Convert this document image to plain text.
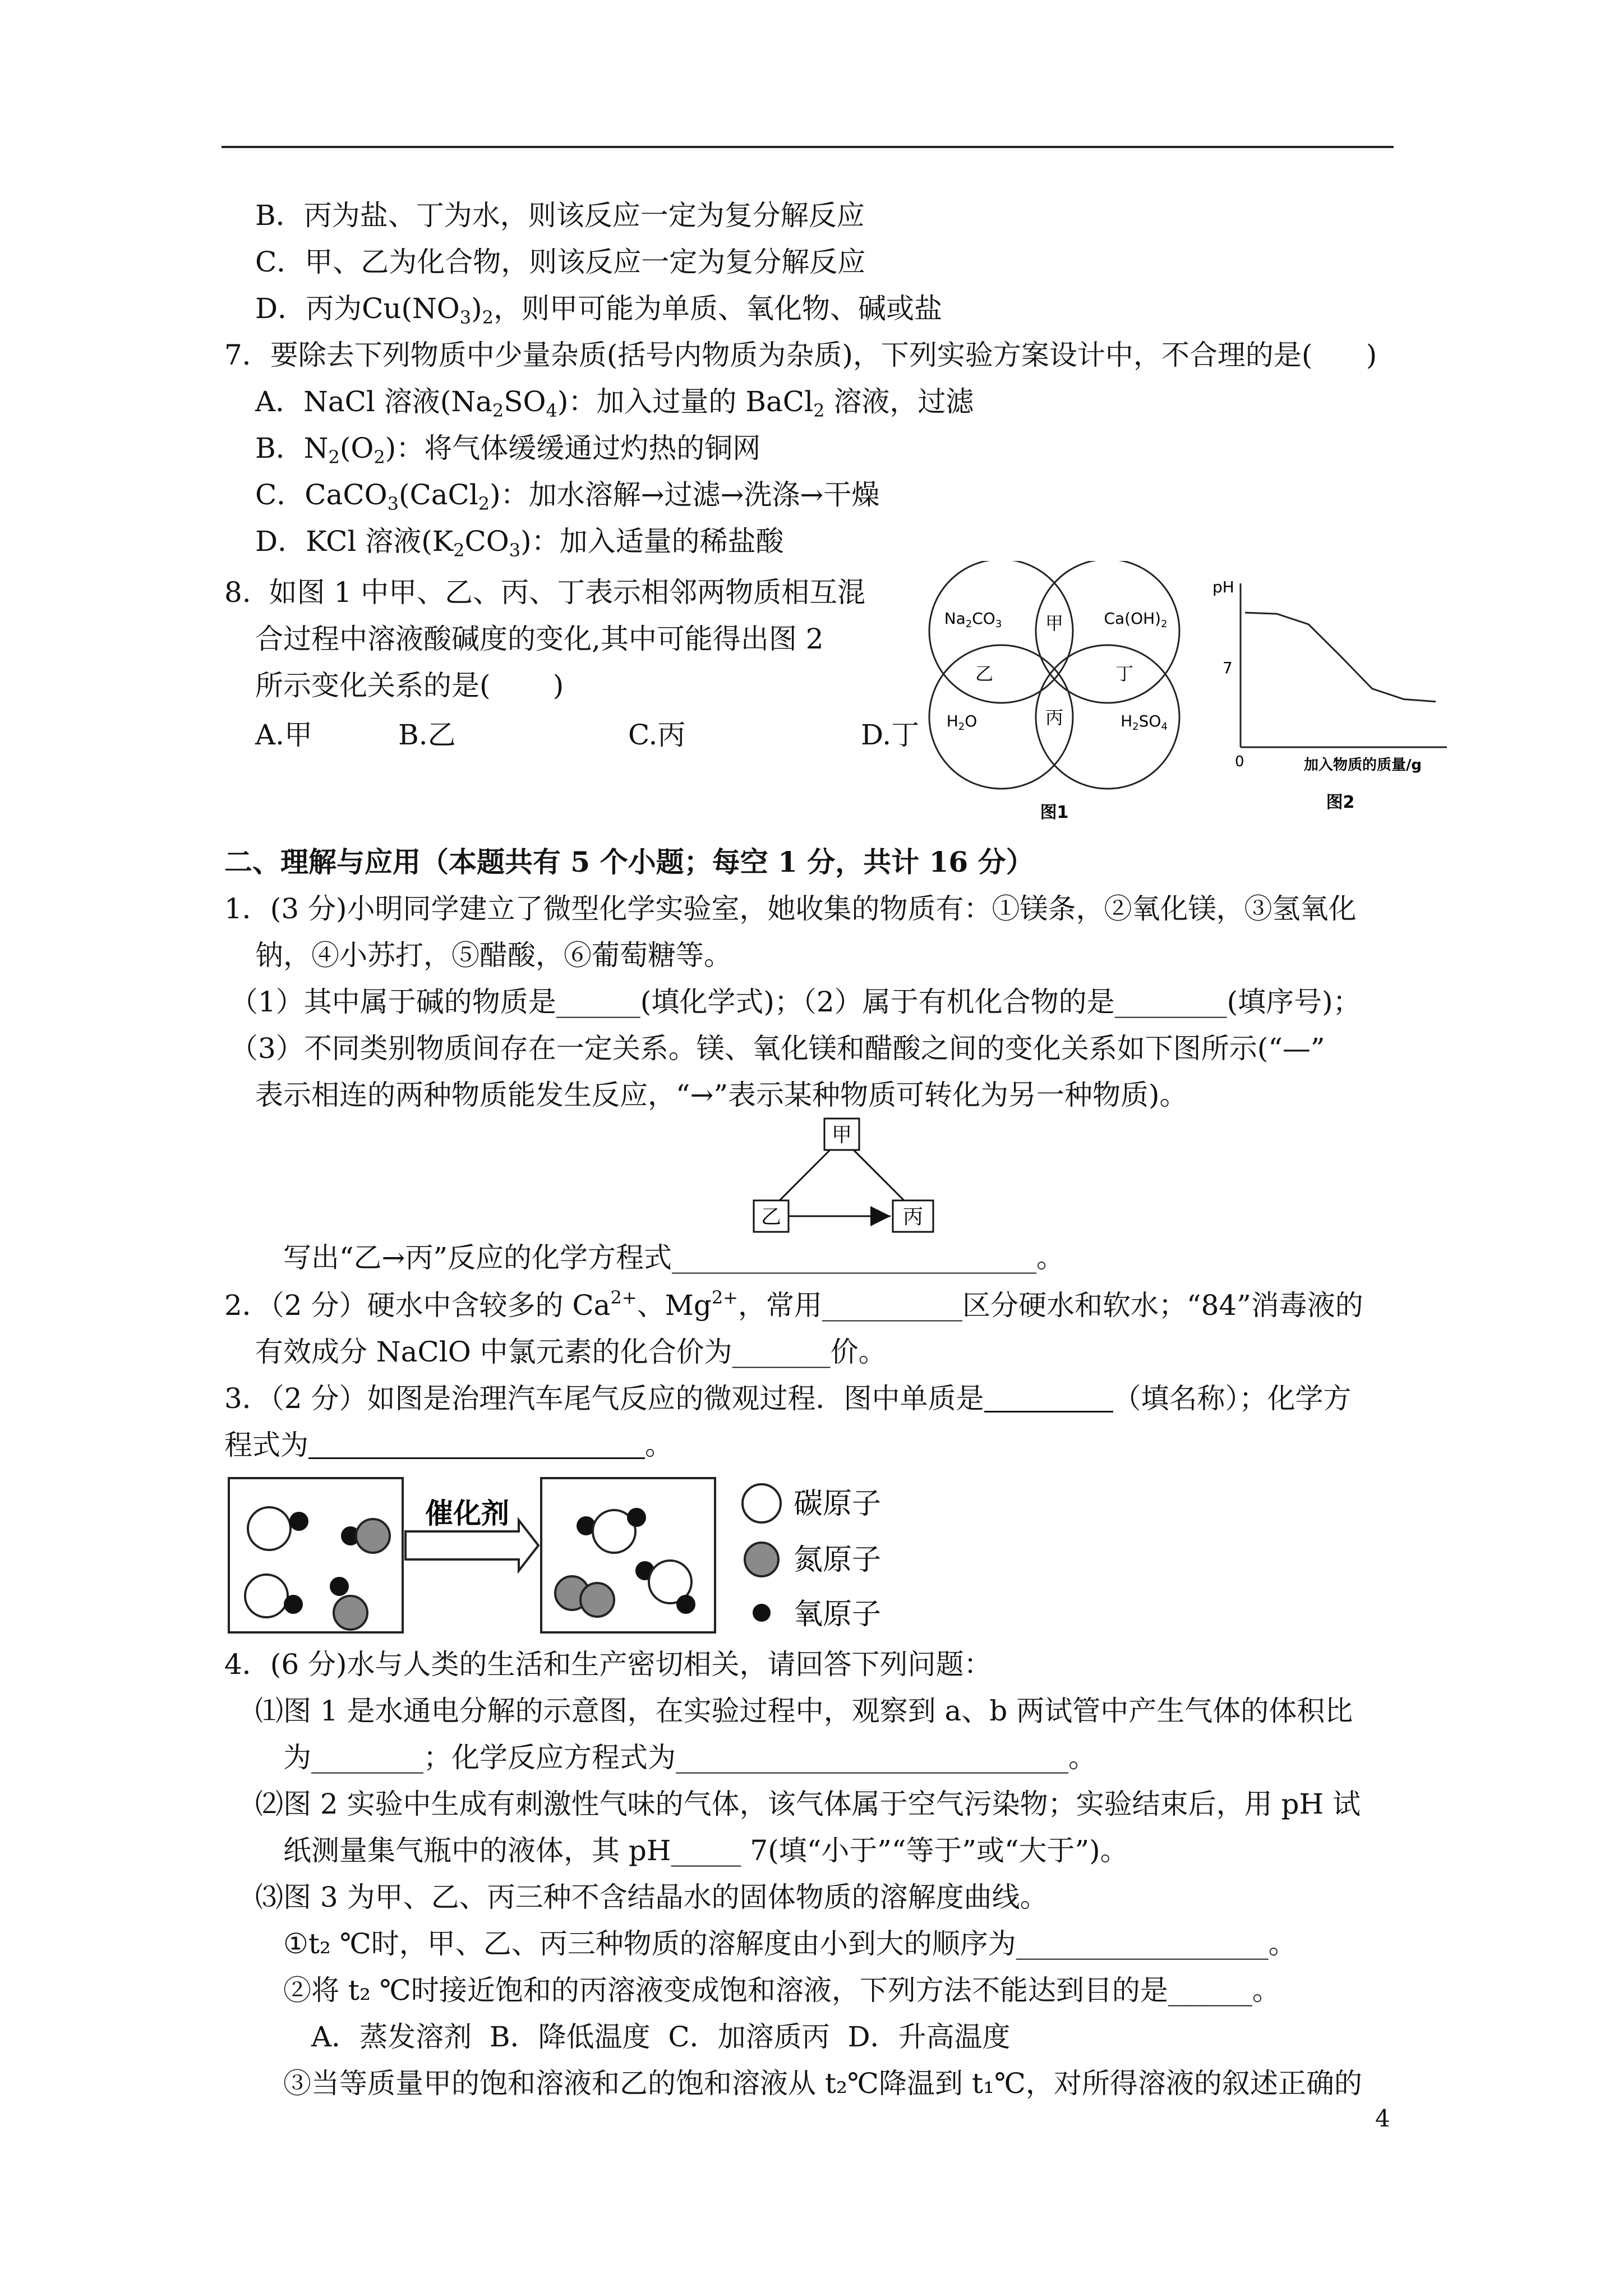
B．丙为盐、丁为水，则该反应一定为复分解反应
C．甲、乙为化合物，则该反应一定为复分解反应
D．丙为$Cu(NO_3)_2$，则甲可能为单质、氧化物、碱或盐
7．要除去下列物质中少量杂质(括号内物质为杂质)，下列实验方案设计中，不合理的是(      )
A．NaCl 溶液$(Na_2SO_4)$：加入过量的 BaCl$_2$ 溶液，过滤
B．$N_2(O_2)$：将气体缓缓通过灼热的铜网
C．CaCO$_3$(CaCl$_2$)：加水溶解→过滤→洗涤→干燥
D．KCl 溶液$(K_2CO_3)$：加入适量的稀盐酸
8.  如图 1 中甲、乙、丙、丁表示相邻两物质相互混
合过程中溶液酸碱度的变化,其中可能得出图 2
所示变化关系的是(       )
A.甲	B.乙	C.丙	D.丁
$Na_2CO_3$	$Ca(OH)_2$
$H_2O$	$H_2SO_4$
甲
乙	丁
丙
图1
pH
7
0	加入物质的质量/g
图2
二、理解与应用（本题共有 5 个小题；每空 1 分，共计 16 分）
1．(3 分)小明同学建立了微型化学实验室，她收集的物质有：①镁条，②氧化镁，③氢氧化
钠，④小苏打，⑤醋酸，⑥葡萄糖等。
（1）其中属于碱的物质是______(填化学式)；（2）属于有机化合物的是________(填序号)；
（3）不同类别物质间存在一定关系。镁、氧化镁和醋酸之间的变化关系如下图所示(“—”
表示相连的两种物质能发生反应，“→”表示某种物质可转化为另一种物质)。
甲
乙	丙
写出“乙→丙”反应的化学方程式__________________________。
2．（2 分）硬水中含较多的 $Ca^{2+}$、$Mg^{2+}$，常用__________区分硬水和软水；“84”消毒液的
有效成分 NaClO 中氯元素的化合价为_______价。
3．（2 分）如图是治理汽车尾气反应的微观过程．图中单质是	（填名称）；化学方
程式为	。
催化剂	碳原子
氮原子
氧原子
4．(6 分)水与人类的生活和生产密切相关，请回答下列问题：
⑴图 1 是水通电分解的示意图，在实验过程中，观察到 a、b 两试管中产生气体的体积比
为________；化学反应方程式为____________________________。
⑵图 2 实验中生成有刺激性气味的气体，该气体属于空气污染物；实验结束后，用 pH 试
纸测量集气瓶中的液体，其 pH_____ 7(填“小于”“等于”或“大于”)。
⑶图 3 为甲、乙、丙三种不含结晶水的固体物质的溶解度曲线。
①t₂ ℃时，甲、乙、丙三种物质的溶解度由小到大的顺序为__________________。
②将 t₂ ℃时接近饱和的丙溶液变成饱和溶液，下列方法不能达到目的是______。
A．蒸发溶剂  B．降低温度  C．加溶质丙  D．升高温度
③当等质量甲的饱和溶液和乙的饱和溶液从 t₂℃降温到 t₁℃，对所得溶液的叙述正确的
4
